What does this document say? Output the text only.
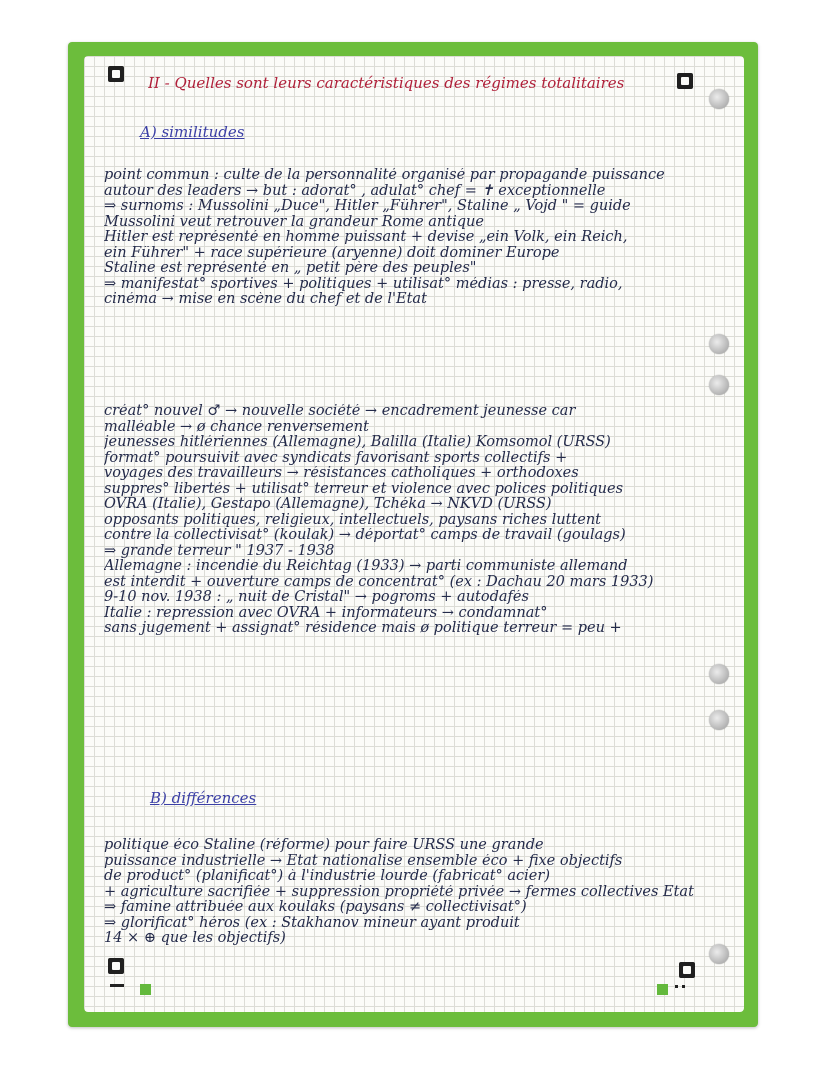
II - Quelles sont leurs caractéristiques des régimes totalitaires
A) similitudes
point commun : culte de la personnalité organisé par propagande puissance
autour des leaders → but : adorat° , adulat° chef = ✝ exceptionnelle
⇒ surnoms : Mussolini „Duce", Hitler „Führer", Staline „ Vojd " = guide
Mussolini veut retrouver la grandeur Rome antique
Hitler est représenté en homme puissant + devise „ein Volk, ein Reich,
ein Führer" + race supérieure (aryenne) doit dominer Europe
Staline est représenté en „ petit père des peuples"
⇒ manifestat° sportives + politiques + utilisat° médias : presse, radio,
cinéma → mise en scène du chef et de l'Etat
créat° nouvel ♂ → nouvelle société → encadrement jeunesse car
malléable → ø chance renversement
jeunesses hitlériennes (Allemagne), Balilla (Italie) Komsomol (URSS)
format° poursuivit avec syndicats favorisant sports collectifs +
voyages des travailleurs → résistances catholiques + orthodoxes
suppres° libertés + utilisat° terreur et violence avec polices politiques
OVRA (Italie), Gestapo (Allemagne), Tchéka → NKVD (URSS)
opposants politiques, religieux, intellectuels, paysans riches luttent
contre la collectivisat° (koulak) → déportat° camps de travail (goulags)
⇒ grande terreur " 1937 - 1938
Allemagne : incendie du Reichtag (1933) → parti communiste allemand
est interdit + ouverture camps de concentrat° (ex : Dachau 20 mars 1933)
9-10 nov. 1938 : „ nuit de Cristal" → pogroms + autodafés
Italie : repression avec OVRA + informateurs → condamnat°
sans jugement + assignat° résidence mais ø politique terreur = peu +
B) différences
politique éco Staline (réforme) pour faire URSS une grande
puissance industrielle → Etat nationalise ensemble éco + fixe objectifs
de product° (planificat°) à l'industrie lourde (fabricat° acier)
+ agriculture sacrifiée + suppression propriété privée → fermes collectives Etat
⇒ famine attribuée aux koulaks (paysans ≠ collectivisat°)
⇒ glorificat° héros (ex : Stakhanov mineur ayant produit
14 × ⊕ que les objectifs)
